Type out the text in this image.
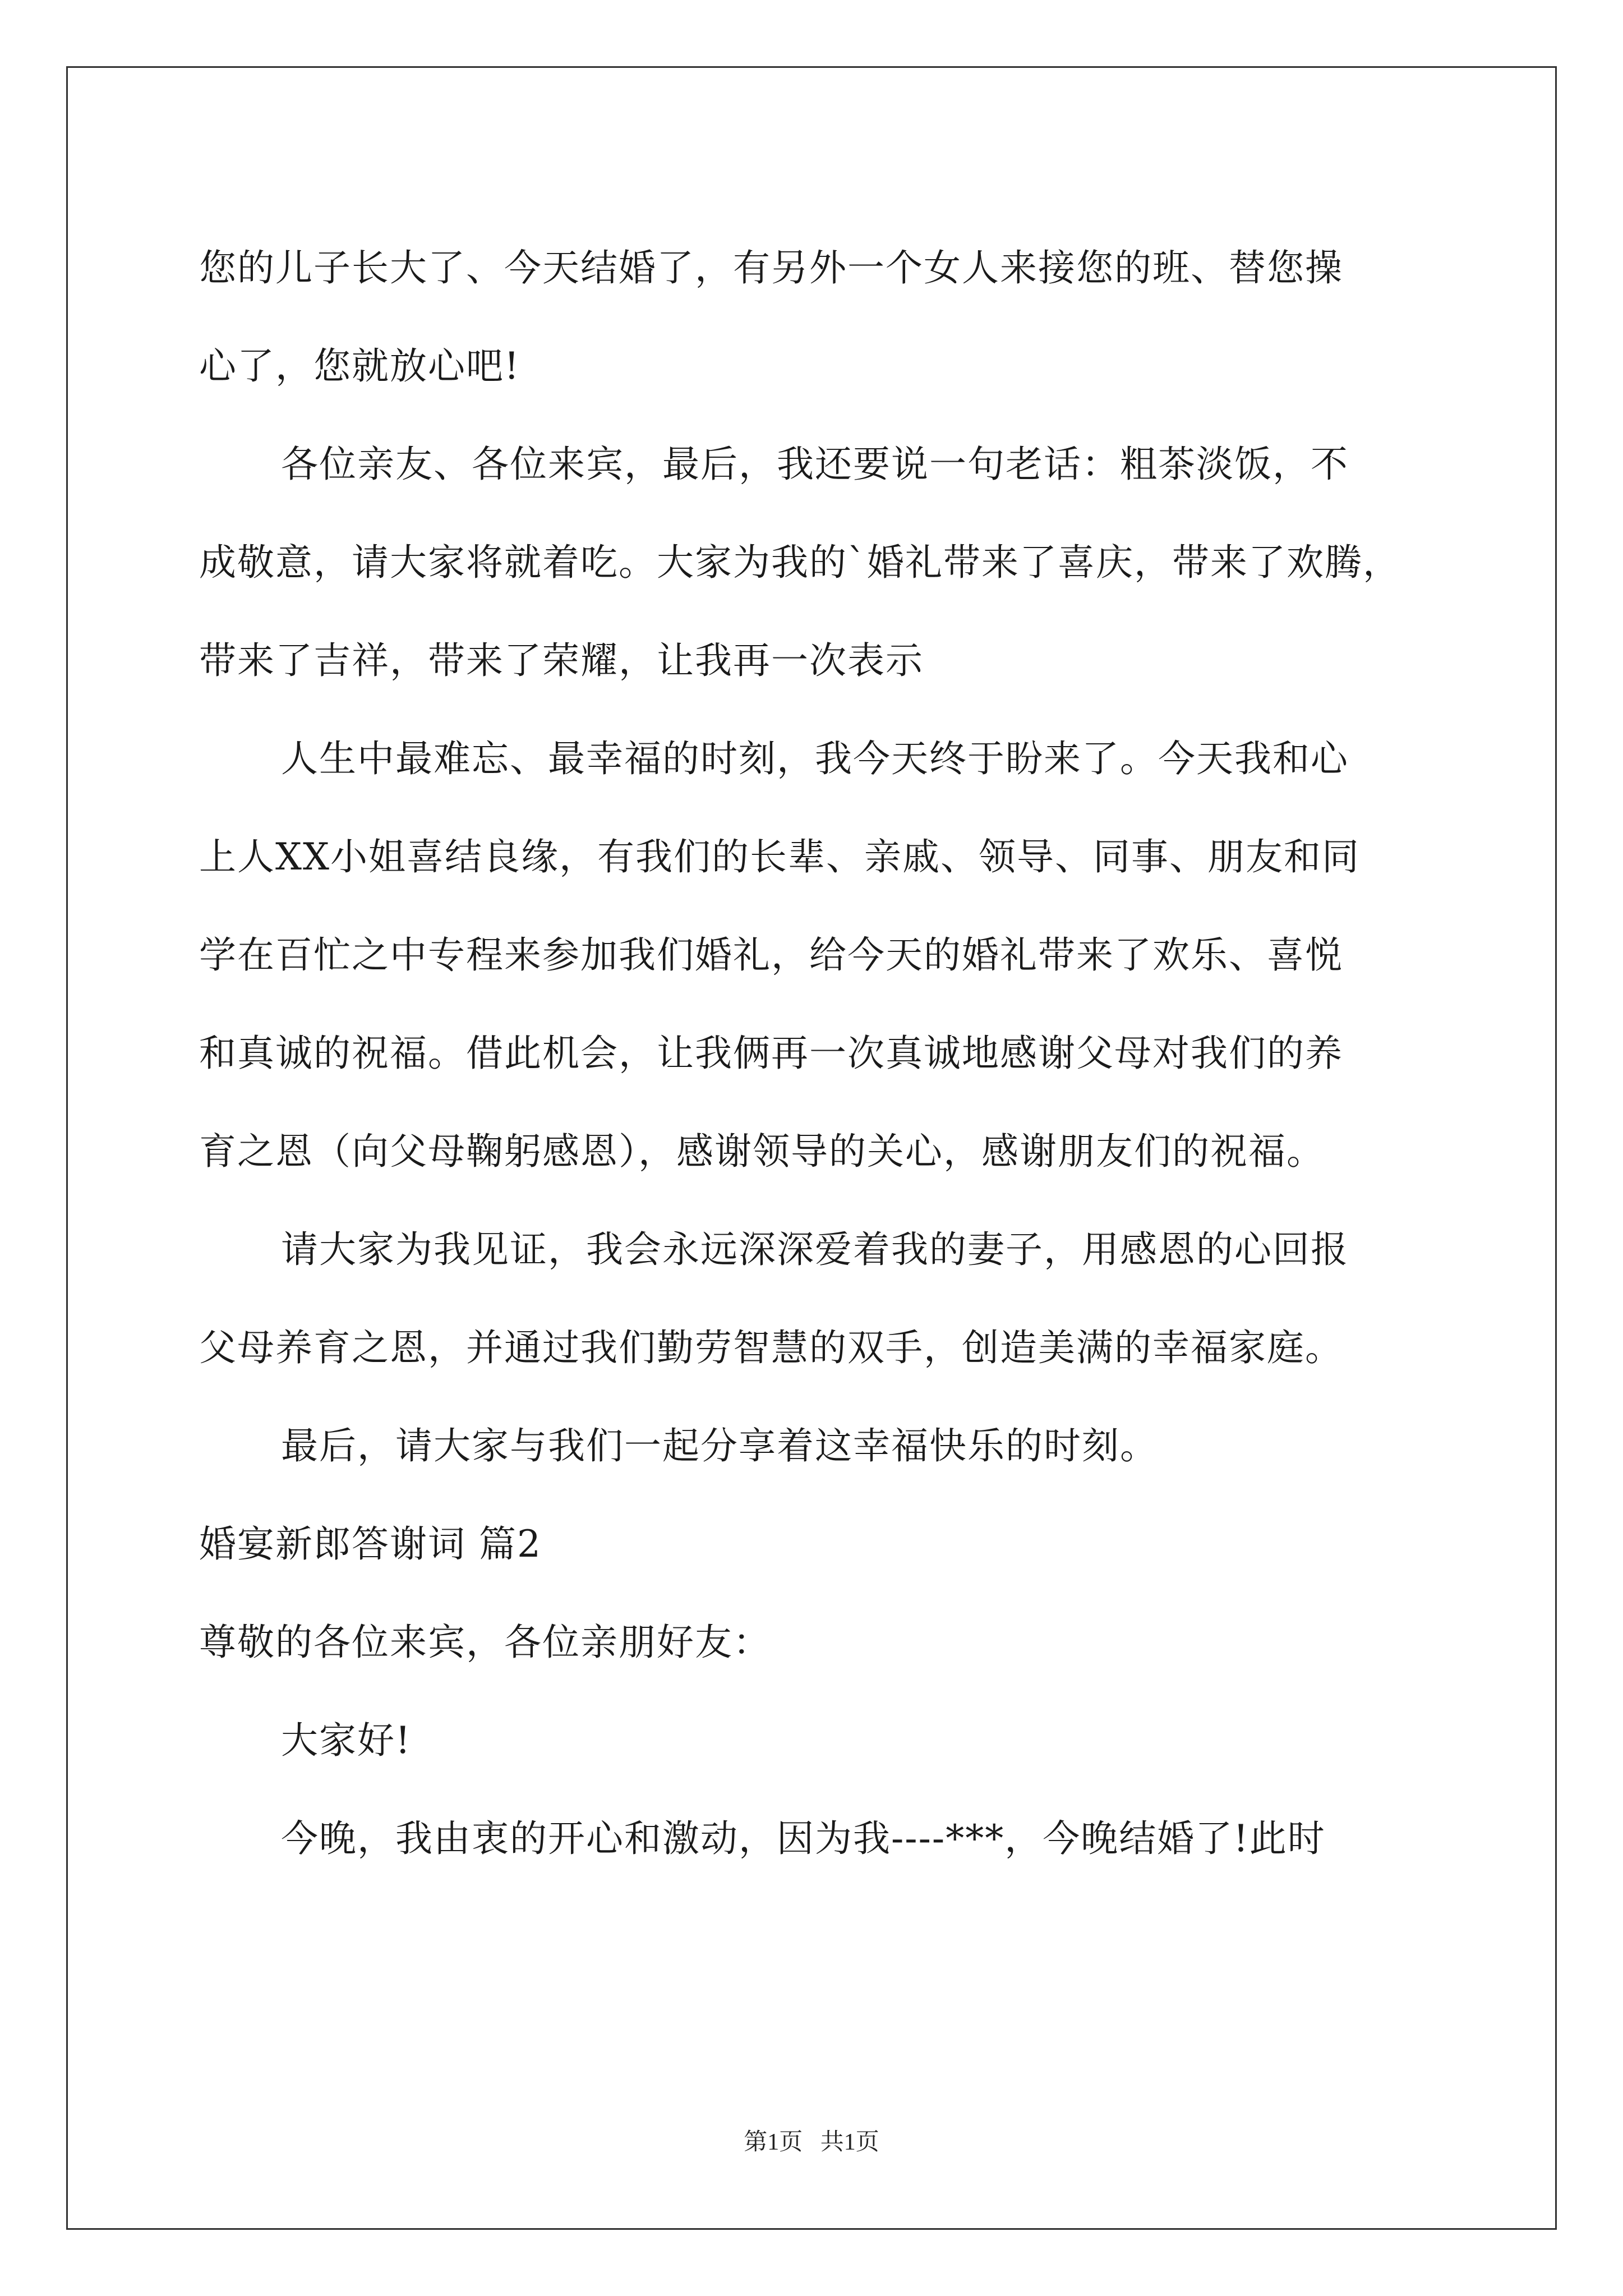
您的儿子长大了、今天结婚了，有另外一个女人来接您的班、替您操
心了，您就放心吧!
各位亲友、各位来宾，最后，我还要说一句老话：粗茶淡饭，不
成敬意，请大家将就着吃。大家为我的`婚礼带来了喜庆，带来了欢腾，
带来了吉祥，带来了荣耀，让我再一次表示
人生中最难忘、最幸福的时刻，我今天终于盼来了。今天我和心
上人XX小姐喜结良缘，有我们的长辈、亲戚、领导、同事、朋友和同
学在百忙之中专程来参加我们婚礼，给今天的婚礼带来了欢乐、喜悦
和真诚的祝福。借此机会，让我俩再一次真诚地感谢父母对我们的养
育之恩（向父母鞠躬感恩），感谢领导的关心，感谢朋友们的祝福。
请大家为我见证，我会永远深深爱着我的妻子，用感恩的心回报
父母养育之恩，并通过我们勤劳智慧的双手，创造美满的幸福家庭。
最后，请大家与我们一起分享着这幸福快乐的时刻。
婚宴新郎答谢词 篇2
尊敬的各位来宾，各位亲朋好友：
大家好!
今晚，我由衷的开心和激动，因为我----***，今晚结婚了!此时
第1页 共1页
